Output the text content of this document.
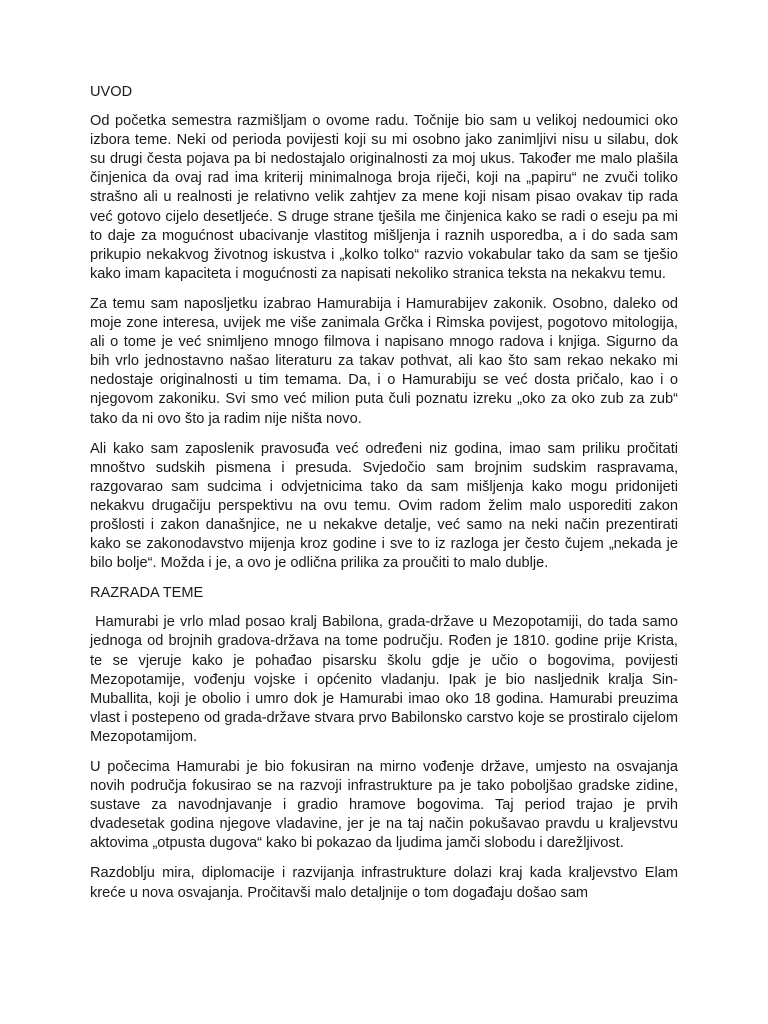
UVOD

Od početka semestra razmišljam o ovome radu. Točnije bio sam u velikoj nedoumici oko izbora teme. Neki od perioda povijesti koji su mi osobno jako zanimljivi nisu u silabu, dok su drugi česta pojava pa bi nedostajalo originalnosti za moj ukus. Također me malo plašila činjenica da ovaj rad ima kriterij minimalnoga broja riječi, koji na „papiru“ ne zvuči toliko strašno ali u realnosti je relativno velik zahtjev za mene koji nisam pisao ovakav tip rada već gotovo cijelo desetljeće. S druge strane tješila me činjenica kako se radi o eseju pa mi to daje za mogućnost ubacivanje vlastitog mišljenja i raznih usporedba, a i do sada sam prikupio nekakvog životnog iskustva i „kolko tolko“ razvio vokabular tako da sam se tješio kako imam kapaciteta i mogućnosti za napisati nekoliko stranica teksta na nekakvu temu.

Za temu sam naposljetku izabrao Hamurabija i Hamurabijev zakonik. Osobno, daleko od moje zone interesa, uvijek me više zanimala Grčka i Rimska povijest, pogotovo mitologija, ali o tome je već snimljeno mnogo filmova i napisano mnogo radova i knjiga. Sigurno da bih vrlo jednostavno našao literaturu za takav pothvat, ali kao što sam rekao nekako mi nedostaje originalnosti u tim temama. Da, i o Hamurabiju se već dosta pričalo, kao i o njegovom zakoniku. Svi smo već milion puta čuli poznatu izreku „oko za oko zub za zub“ tako da ni ovo što ja radim nije ništa novo.

Ali kako sam zaposlenik pravosuđa već određeni niz godina, imao sam priliku pročitati mnoštvo sudskih pismena i presuda. Svjedočio sam brojnim sudskim raspravama, razgovarao sam sudcima i odvjetnicima tako da sam mišljenja kako mogu pridonijeti nekakvu drugačiju perspektivu na ovu temu. Ovim radom želim malo usporediti zakon prošlosti i zakon današnjice, ne u nekakve detalje, već samo na neki način prezentirati kako se zakonodavstvo mijenja kroz godine i sve to iz razloga jer često čujem „nekada je bilo bolje“. Možda i je, a ovo je odlična prilika za proučiti to malo dublje.

RAZRADA TEME

Hamurabi je vrlo mlad posao kralj Babilona, grada-države u Mezopotamiji, do tada samo jednoga od brojnih gradova-država na tome području. Rođen je 1810. godine prije Krista, te se vjeruje kako je pohađao pisarsku školu gdje je učio o bogovima, povijesti Mezopotamije, vođenju vojske i općenito vladanju. Ipak je bio nasljednik kralja Sin-Muballita, koji je obolio i umro dok je Hamurabi imao oko 18 godina. Hamurabi preuzima vlast i postepeno od grada-države stvara prvo Babilonsko carstvo koje se prostiralo cijelom Mezopotamijom.

U počecima Hamurabi je bio fokusiran na mirno vođenje države, umjesto na osvajanja novih područja fokusirao se na razvoji infrastrukture pa je tako poboljšao gradske zidine, sustave za navodnjavanje i gradio hramove bogovima. Taj period trajao je prvih dvadesetak godina njegove vladavine, jer je na taj način pokušavao pravdu u kraljevstvu aktovima „otpusta dugova“ kako bi pokazao da ljudima jamči slobodu i darežljivost.

Razdoblju mira, diplomacije i razvijanja infrastrukture dolazi kraj kada kraljevstvo Elam kreće u nova osvajanja. Pročitavši malo detaljnije o tom događaju došao sam
